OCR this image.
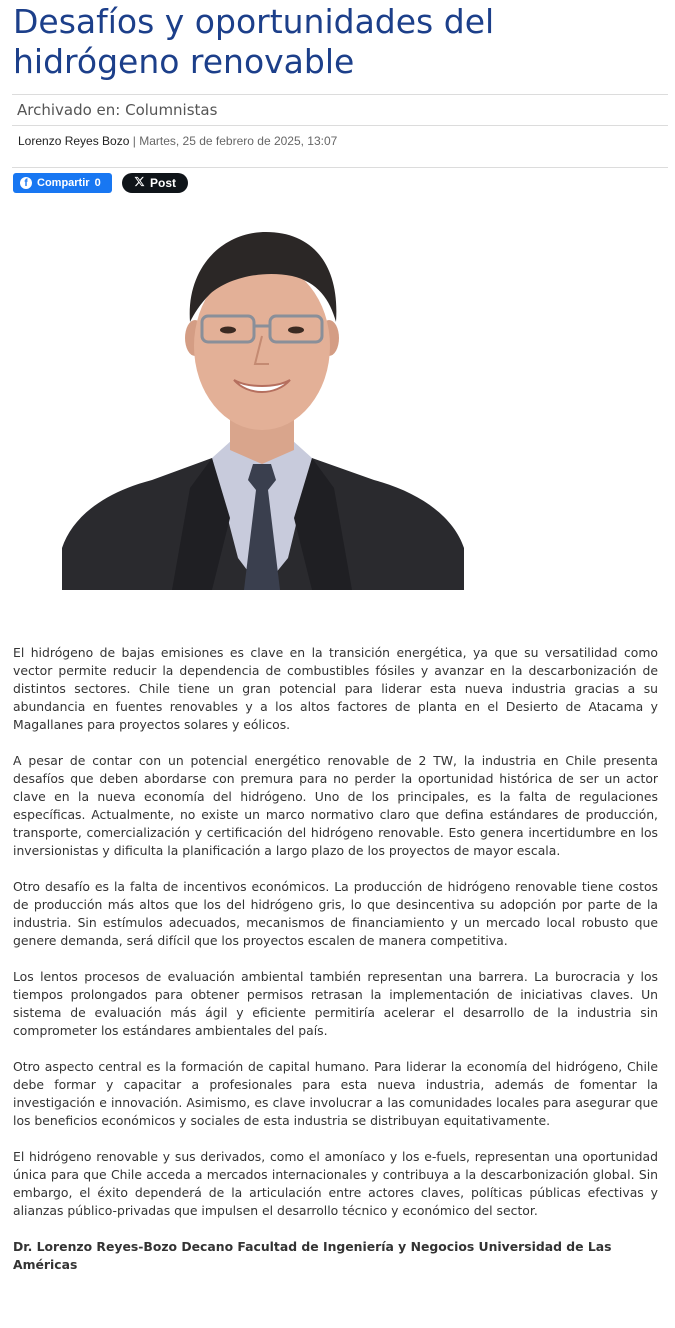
Desafíos y oportunidades del hidrógeno renovable
Archivado en: Columnistas
Lorenzo Reyes Bozo | Martes, 25 de febrero de 2025, 13:07
f Compartir 0	Post

El hidrógeno de bajas emisiones es clave en la transición energética, ya que su versatilidad como vector permite reducir la dependencia de combustibles fósiles y avanzar en la descarbonización de distintos sectores. Chile tiene un gran potencial para liderar esta nueva industria gracias a su abundancia en fuentes renovables y a los altos factores de planta en el Desierto de Atacama y Magallanes para proyectos solares y eólicos.

A pesar de contar con un potencial energético renovable de 2 TW, la industria en Chile presenta desafíos que deben abordarse con premura para no perder la oportunidad histórica de ser un actor clave en la nueva economía del hidrógeno. Uno de los principales, es la falta de regulaciones específicas. Actualmente, no existe un marco normativo claro que defina estándares de producción, transporte, comercialización y certificación del hidrógeno renovable. Esto genera incertidumbre en los inversionistas y dificulta la planificación a largo plazo de los proyectos de mayor escala.

Otro desafío es la falta de incentivos económicos. La producción de hidrógeno renovable tiene costos de producción más altos que los del hidrógeno gris, lo que desincentiva su adopción por parte de la industria. Sin estímulos adecuados, mecanismos de financiamiento y un mercado local robusto que genere demanda, será difícil que los proyectos escalen de manera competitiva.

Los lentos procesos de evaluación ambiental también representan una barrera. La burocracia y los tiempos prolongados para obtener permisos retrasan la implementación de iniciativas claves. Un sistema de evaluación más ágil y eficiente permitiría acelerar el desarrollo de la industria sin comprometer los estándares ambientales del país.

Otro aspecto central es la formación de capital humano. Para liderar la economía del hidrógeno, Chile debe formar y capacitar a profesionales para esta nueva industria, además de fomentar la investigación e innovación. Asimismo, es clave involucrar a las comunidades locales para asegurar que los beneficios económicos y sociales de esta industria se distribuyan equitativamente.

El hidrógeno renovable y sus derivados, como el amoníaco y los e-fuels, representan una oportunidad única para que Chile acceda a mercados internacionales y contribuya a la descarbonización global. Sin embargo, el éxito dependerá de la articulación entre actores claves, políticas públicas efectivas y alianzas público-privadas que impulsen el desarrollo técnico y económico del sector.

Dr. Lorenzo Reyes-Bozo Decano Facultad de Ingeniería y Negocios Universidad de Las Américas
